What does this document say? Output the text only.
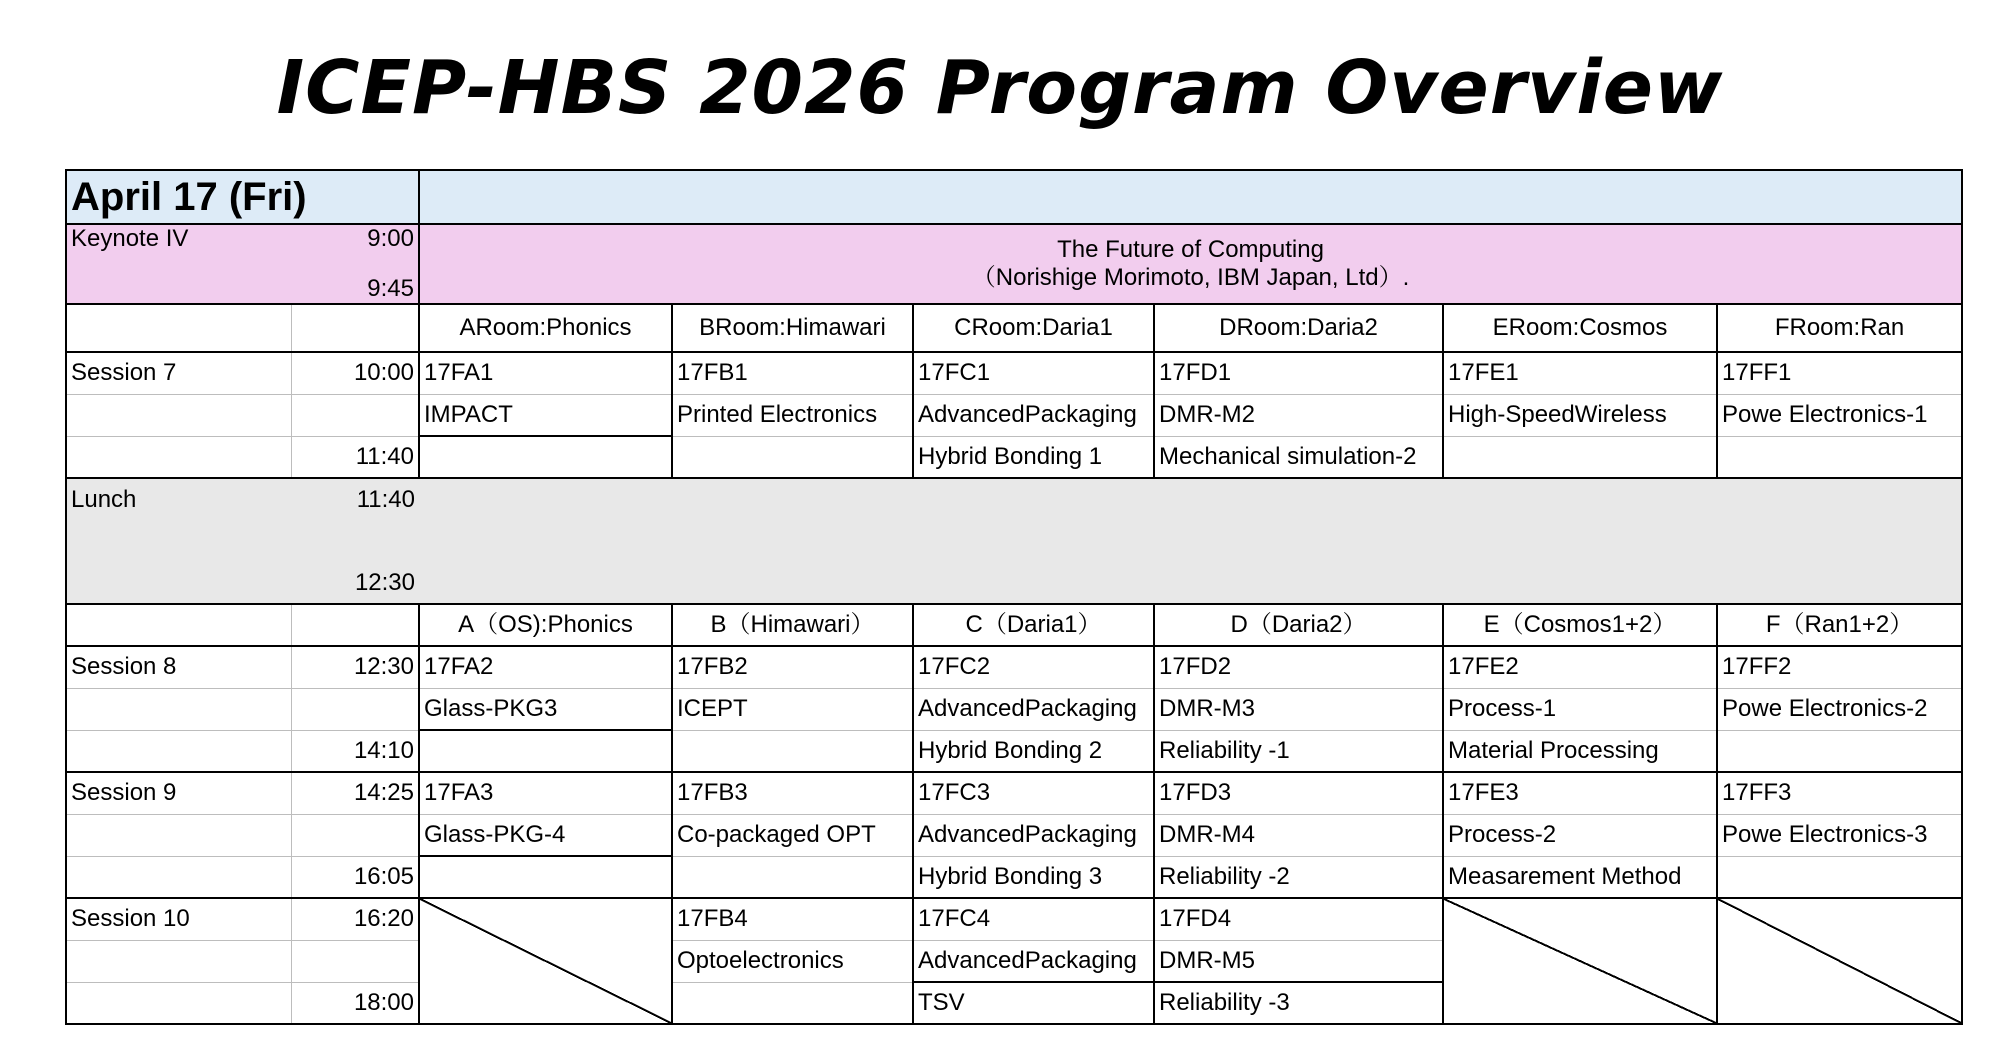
ICEP-HBS 2026 Program Overview
April 17 (Fri)							
Keynote IV	9:00	The Future of Computing
（Norishige Morimoto, IBM Japan, Ltd）.					

	9:45						
		ARoom:Phonics	BRoom:Himawari	CRoom:Daria1	DRoom:Daria2	ERoom:Cosmos	FRoom:Ran
Session 7	10:00	17FA1	17FB1	17FC1	17FD1	17FE1	17FF1
		IMPACT	Printed Electronics	AdvancedPackaging	DMR-M2	High-SpeedWireless	Powe Electronics-1
	11:40			Hybrid Bonding 1	Mechanical simulation-2		
Lunch	11:40						

	12:30						
		A（OS):Phonics	B（Himawari）	C（Daria1）	D（Daria2）	E（Cosmos1+2）	F（Ran1+2）
Session 8	12:30	17FA2	17FB2	17FC2	17FD2	17FE2	17FF2
		Glass-PKG3	ICEPT	AdvancedPackaging	DMR-M3	Process-1	Powe Electronics-2
	14:10			Hybrid Bonding 2	Reliability -1	Material Processing	
Session 9	14:25	17FA3	17FB3	17FC3	17FD3	17FE3	17FF3
		Glass-PKG-4	Co-packaged OPT	AdvancedPackaging	DMR-M4	Process-2	Powe Electronics-3
	16:05			Hybrid Bonding 3	Reliability -2	Measarement Method	
Session 10	16:20		17FB4	17FC4	17FD4		
			Optoelectronics	AdvancedPackaging	DMR-M5		
	18:00			TSV	Reliability -3		
